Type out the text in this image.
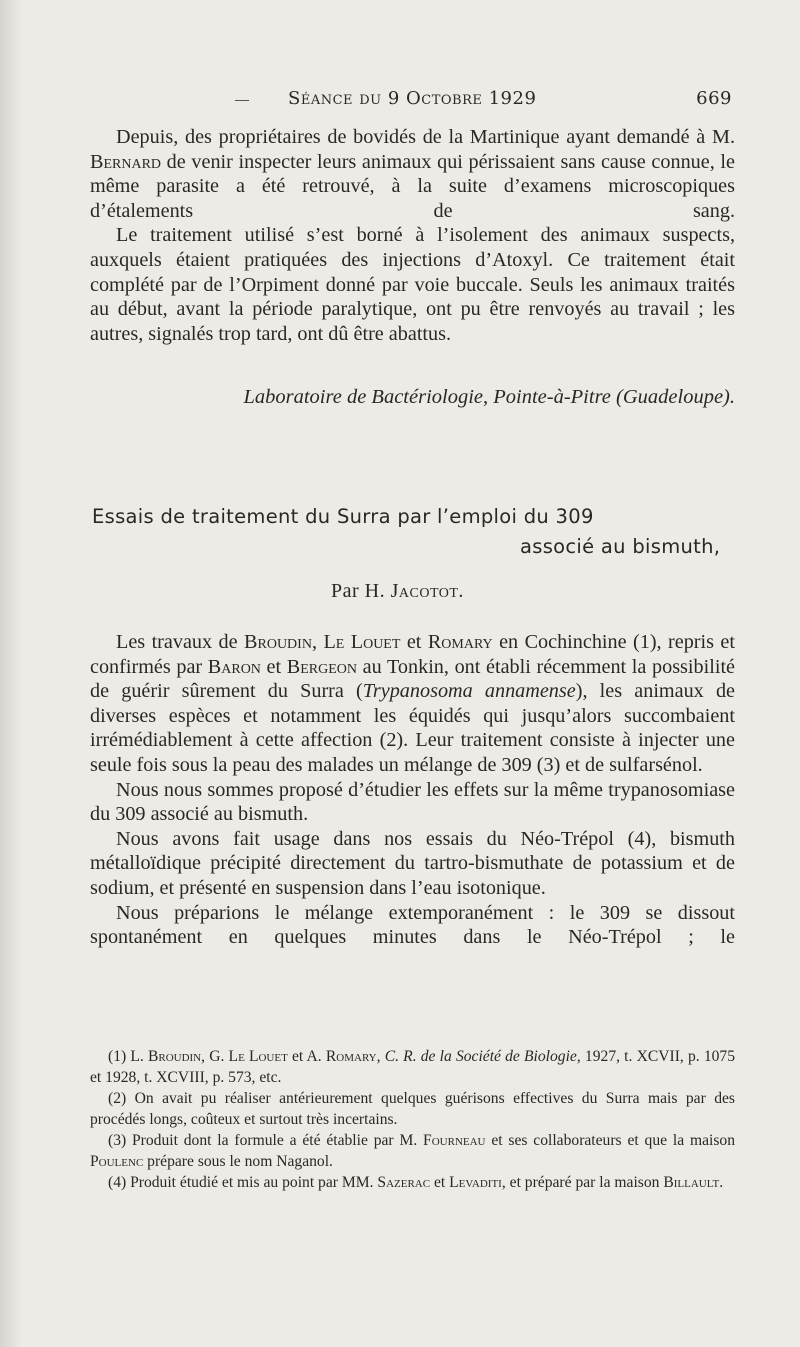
Séance du 9 Octobre 1929	669

Depuis, des propriétaires de bovidés de la Martinique ayant demandé à M. Bernard de venir inspecter leurs animaux qui périssaient sans cause connue, le même parasite a été retrouvé, à la suite d’examens microscopiques d’étalements de sang.

Le traitement utilisé s’est borné à l’isolement des animaux suspects, auxquels étaient pratiquées des injections d’Atoxyl. Ce traitement était complété par de l’Orpiment donné par voie buccale. Seuls les animaux traités au début, avant la période paralytique, ont pu être renvoyés au travail ; les autres, signalés trop tard, ont dû être abattus.

Laboratoire de Bactériologie, Pointe-à-Pitre (Guadeloupe).
Essais de traitement du Surra par l’emploi du 309
associé au bismuth,
Par H. Jacotot.

Les travaux de Broudin, Le Louet et Romary en Cochinchine (1), repris et confirmés par Baron et Bergeon au Tonkin, ont établi récemment la possibilité de guérir sûrement du Surra (Trypanosoma annamense), les animaux de diverses espèces et notamment les équidés qui jusqu’alors succombaient irrémédiablement à cette affection (2). Leur traitement consiste à injecter une seule fois sous la peau des malades un mélange de 309 (3) et de sulfarsénol.

Nous nous sommes proposé d’étudier les effets sur la même trypanosomiase du 309 associé au bismuth.

Nous avons fait usage dans nos essais du Néo-Trépol (4), bismuth métalloïdique précipité directement du tartro-bismuthate de potassium et de sodium, et présenté en suspension dans l’eau isotonique.

Nous préparions le mélange extemporanément : le 309 se dissout spontanément en quelques minutes dans le Néo-Trépol ; le

(1) L. Broudin, G. Le Louet et A. Romary, C. R. de la Société de Biologie, 1927, t. XCVII, p. 1075 et 1928, t. XCVIII, p. 573, etc.

(2) On avait pu réaliser antérieurement quelques guérisons effectives du Surra mais par des procédés longs, coûteux et surtout très incertains.

(3) Produit dont la formule a été établie par M. Fourneau et ses collaborateurs et que la maison Poulenc prépare sous le nom Naganol.

(4) Produit étudié et mis au point par MM. Sazerac et Levaditi, et préparé par la maison Billault.
